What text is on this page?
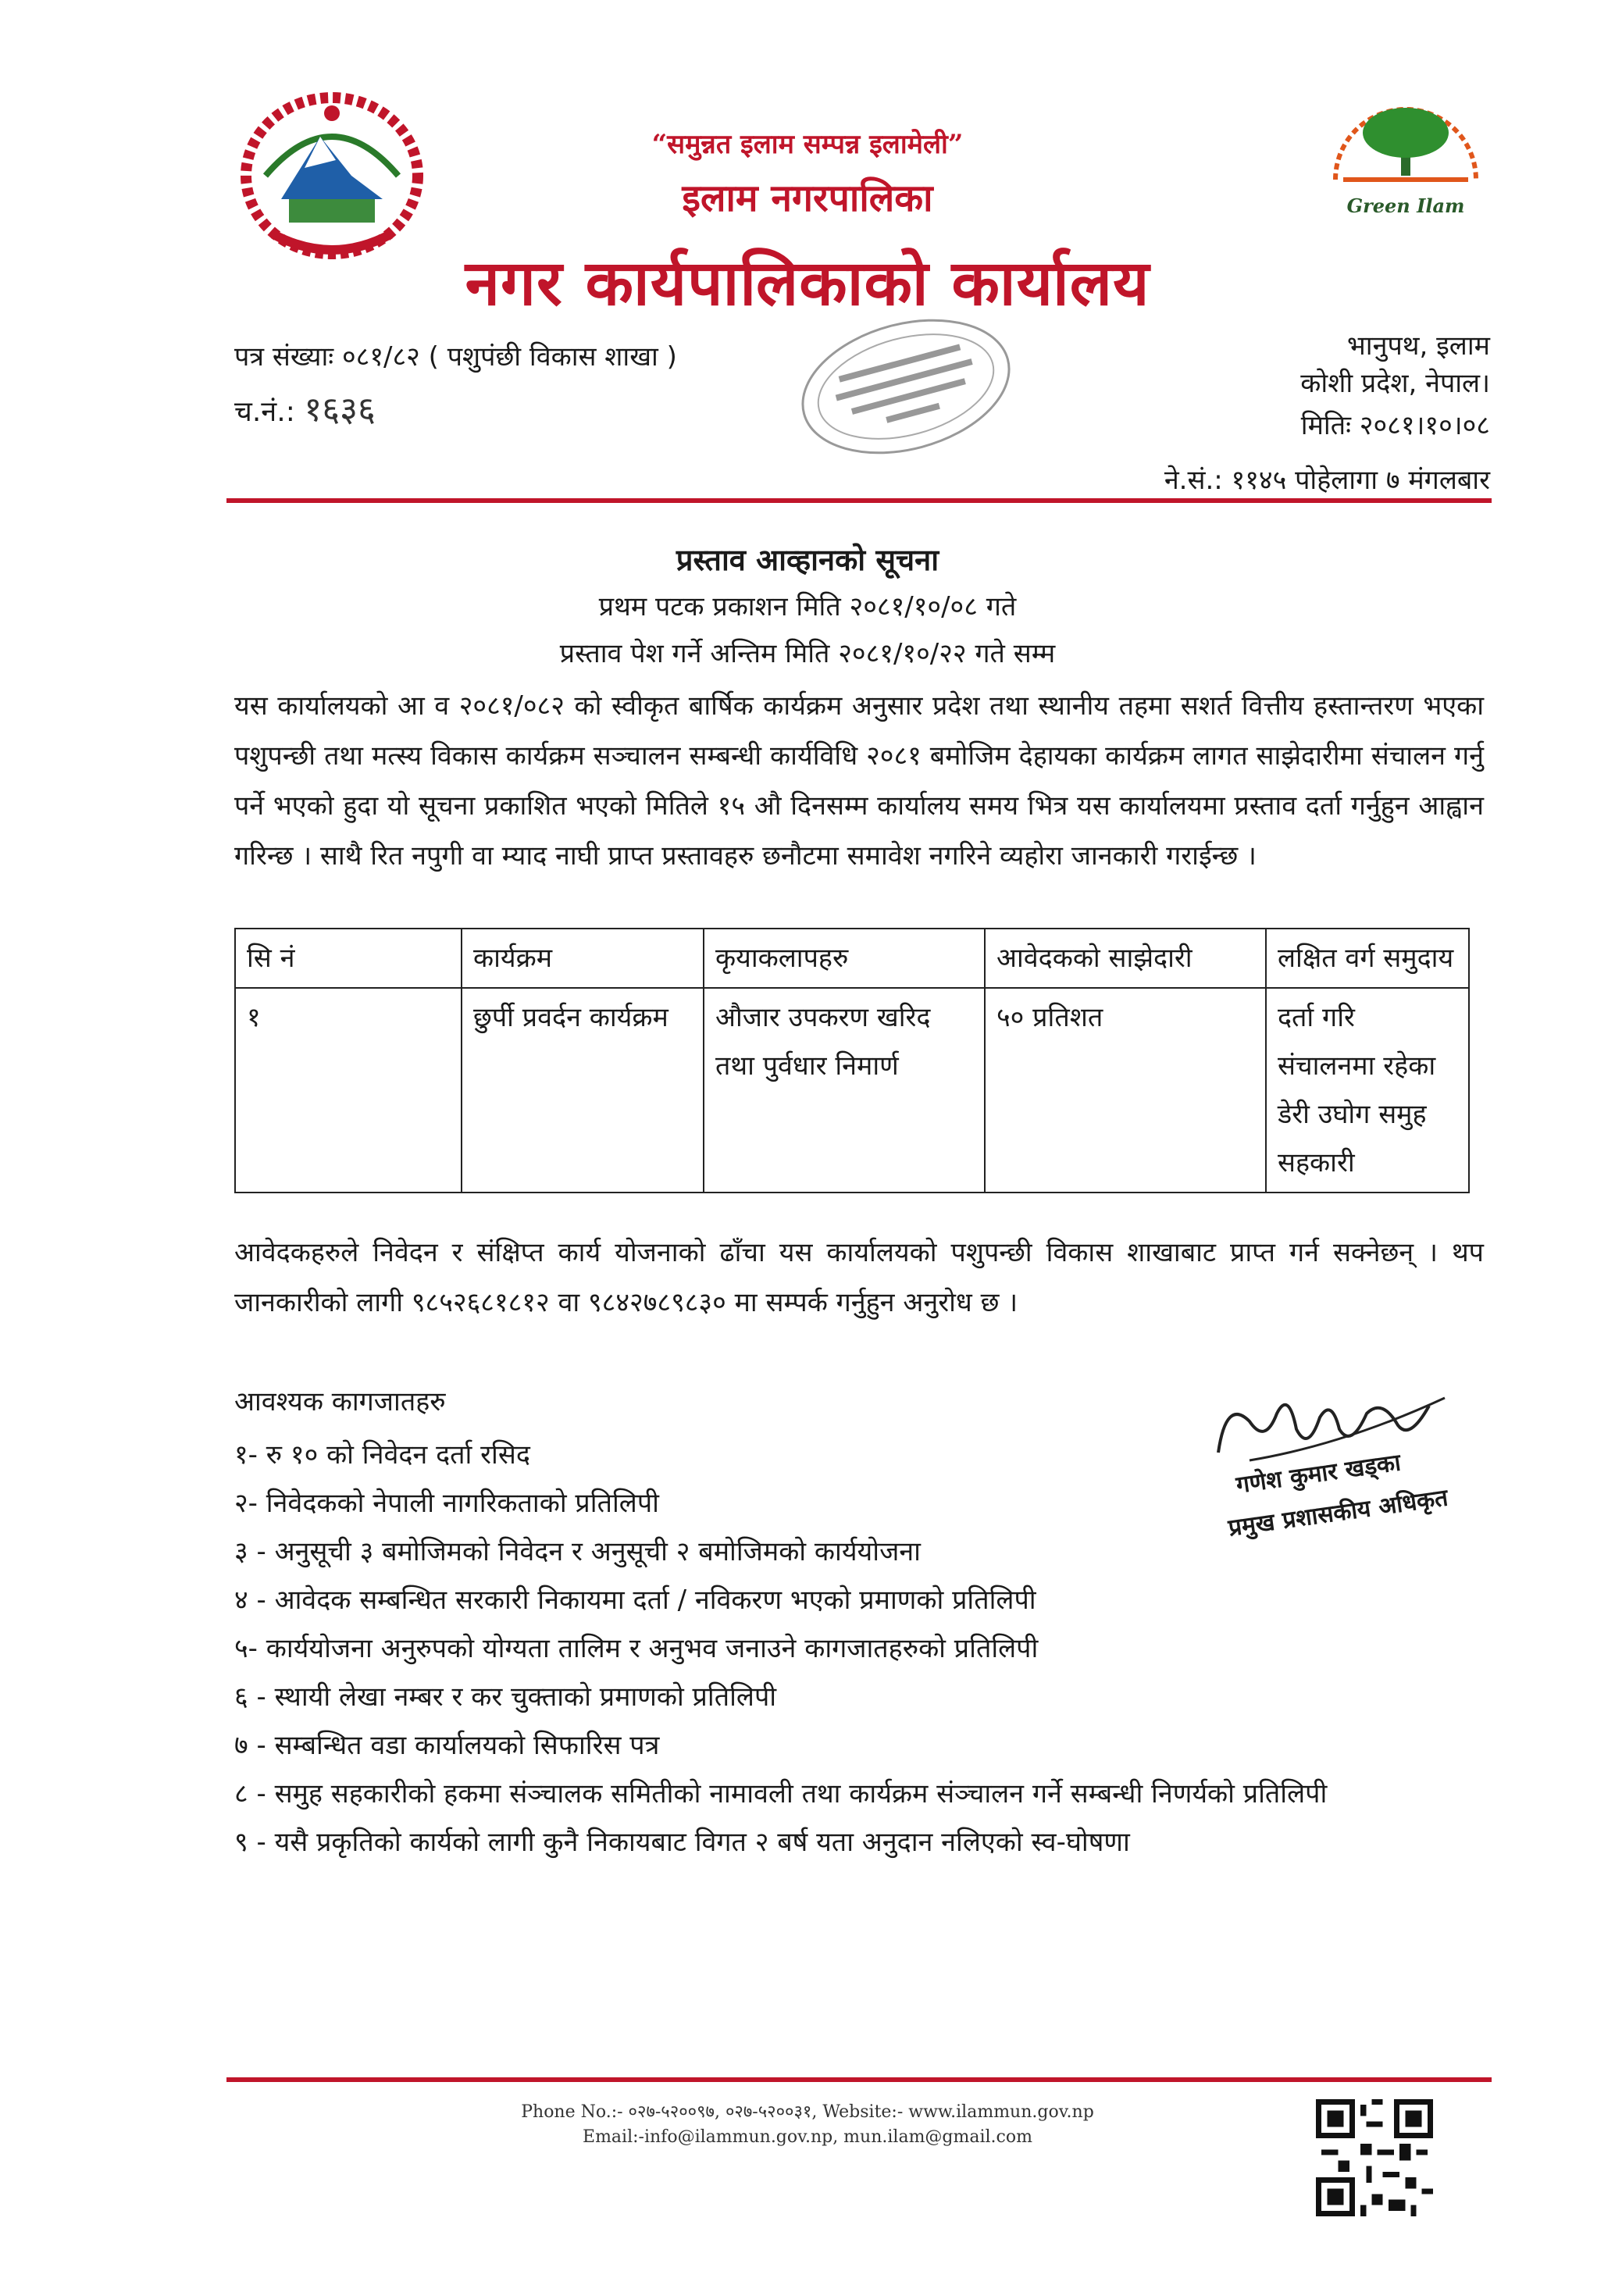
Green Ilam
“समुन्नत इलाम सम्पन्न इलामेली”
इलाम नगरपालिका
नगर कार्यपालिकाको कार्यालय
पत्र संख्याः ०८१/८२ ( पशुपंछी विकास शाखा )
च.नं.: १६३६
भानुपथ, इलाम
कोशी प्रदेश, नेपाल।
मितिः २०८१।१०।०८
ने.सं.: ११४५ पोहेलागा ७ मंगलबार
प्रस्ताव आव्हानको सूचना
प्रथम पटक प्रकाशन मिति २०८१/१०/०८ गते
प्रस्ताव पेश गर्ने अन्तिम मिति २०८१/१०/२२ गते सम्म
यस कार्यालयको आ व २०८१/०८२ को स्वीकृत बार्षिक कार्यक्रम अनुसार प्रदेश तथा स्थानीय तहमा सशर्त वित्तीय हस्तान्तरण भएका पशुपन्छी तथा मत्स्य विकास कार्यक्रम सञ्चालन सम्बन्धी कार्यविधि २०८१ बमोजिम देहायका कार्यक्रम लागत साझेदारीमा संचालन गर्नु पर्ने भएको हुदा यो सूचना प्रकाशित भएको मितिले १५ औ दिनसम्म कार्यालय समय भित्र यस कार्यालयमा प्रस्ताव दर्ता गर्नुहुन आह्वान गरिन्छ । साथै रित नपुगी वा म्याद नाघी प्राप्त प्रस्तावहरु छनौटमा समावेश नगरिने व्यहोरा जानकारी गराईन्छ ।
सि नं	कार्यक्रम	कृयाकलापहरु	आवेदकको साझेदारी	लक्षित वर्ग समुदाय
१	छुर्पी प्रवर्दन कार्यक्रम	औजार उपकरण खरिद तथा पुर्वधार निमार्ण	५० प्रतिशत	दर्ता गरि संचालनमा रहेका डेरी उघोग समुह सहकारी
आवेदकहरुले निवेदन र संक्षिप्त कार्य योजनाको ढाँचा यस कार्यालयको पशुपन्छी विकास शाखाबाट प्राप्त गर्न सक्नेछन् । थप जानकारीको लागी ९८५२६८१८१२ वा ९८४२७८९८३० मा सम्पर्क गर्नुहुन अनुरोध छ ।
आवश्यक कागजातहरु
१- रु १० को निवेदन दर्ता रसिद
२- निवेदकको नेपाली नागरिकताको प्रतिलिपी
३ - अनुसूची ३ बमोजिमको निवेदन र अनुसूची २ बमोजिमको कार्ययोजना
४ - आवेदक सम्बन्धित सरकारी निकायमा दर्ता / नविकरण भएको प्रमाणको प्रतिलिपी
५- कार्ययोजना अनुरुपको योग्यता तालिम र अनुभव जनाउने कागजातहरुको प्रतिलिपी
६ - स्थायी लेखा नम्बर र कर चुक्ताको प्रमाणको प्रतिलिपी
७ - सम्बन्धित वडा कार्यालयको सिफारिस पत्र
८ - समुह सहकारीको हकमा संञ्चालक समितीको नामावली तथा कार्यक्रम संञ्चालन गर्ने सम्बन्धी निणर्यको प्रतिलिपी
९ - यसै प्रकृतिको कार्यको लागी कुनै निकायबाट विगत २ बर्ष यता अनुदान नलिएको स्व-घोषणा
गणेश कुमार खड्का
प्रमुख प्रशासकीय अधिकृत
Phone No.:- ०२७-५२००९७, ०२७-५२००३१, Website:- www.ilammun.gov.np
Email:-info@ilammun.gov.np, mun.ilam@gmail.com
